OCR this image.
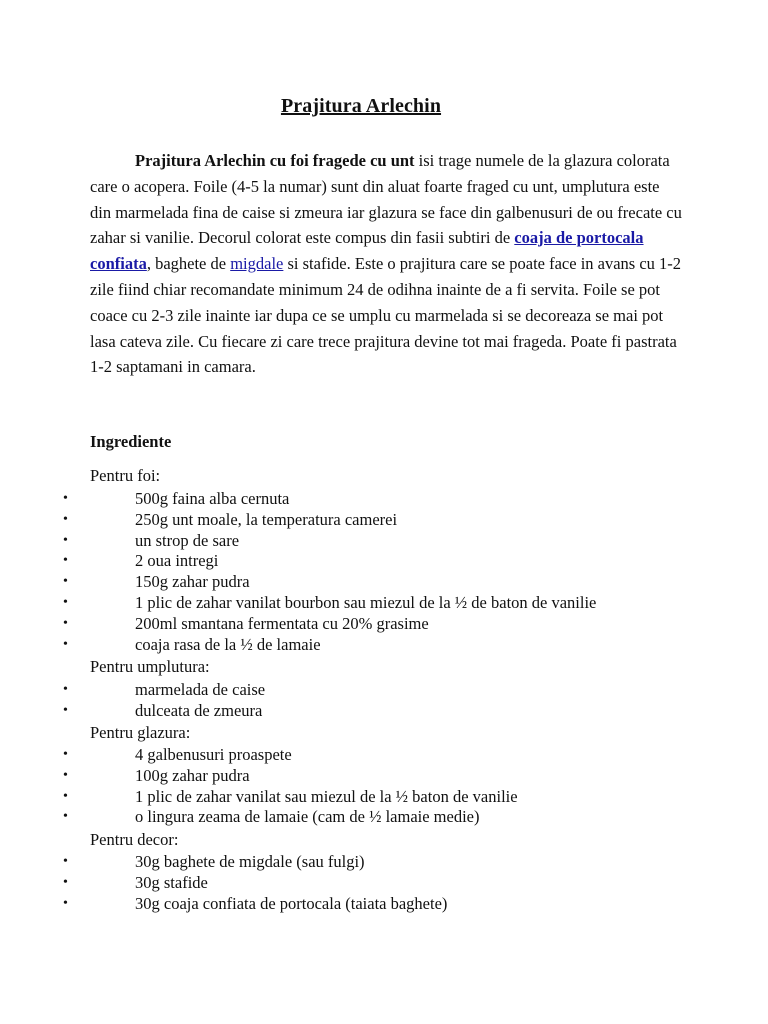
Prajitura Arlechin

Prajitura Arlechin cu foi fragede cu unt isi trage numele de la glazura colorata care o acopera. Foile (4-5 la numar) sunt din aluat foarte fraged cu unt, umplutura este din marmelada fina de caise si zmeura iar glazura se face din galbenusuri de ou frecate cu zahar si vanilie. Decorul colorat este compus din fasii subtiri de coaja de portocala confiata, baghete de migdale si stafide. Este o prajitura care se poate face in avans cu 1-2 zile fiind chiar recomandate minimum 24 de odihna inainte de a fi servita. Foile se pot coace cu 2-3 zile inainte iar dupa ce se umplu cu marmelada si se decoreaza se mai pot lasa cateva zile. Cu fiecare zi care trece prajitura devine tot mai frageda. Poate fi pastrata 1-2 saptamani in camara.

Ingrediente
Pentru foi:
•	500g faina alba cernuta
•	250g unt moale, la temperatura camerei
•	un strop de sare
•	2 oua intregi
•	150g zahar pudra
•	1 plic de zahar vanilat bourbon sau miezul de la ½ de baton de vanilie
•	200ml smantana fermentata cu 20% grasime
•	coaja rasa de la ½ de lamaie
Pentru umplutura:
•	marmelada de caise
•	dulceata de zmeura
Pentru glazura:
•	4 galbenusuri proaspete
•	100g zahar pudra
•	1 plic de zahar vanilat sau miezul de la ½ baton de vanilie
•	o lingura zeama de lamaie (cam de ½ lamaie medie)
Pentru decor:
•	30g baghete de migdale (sau fulgi)
•	30g stafide
•	30g coaja confiata de portocala (taiata baghete)
